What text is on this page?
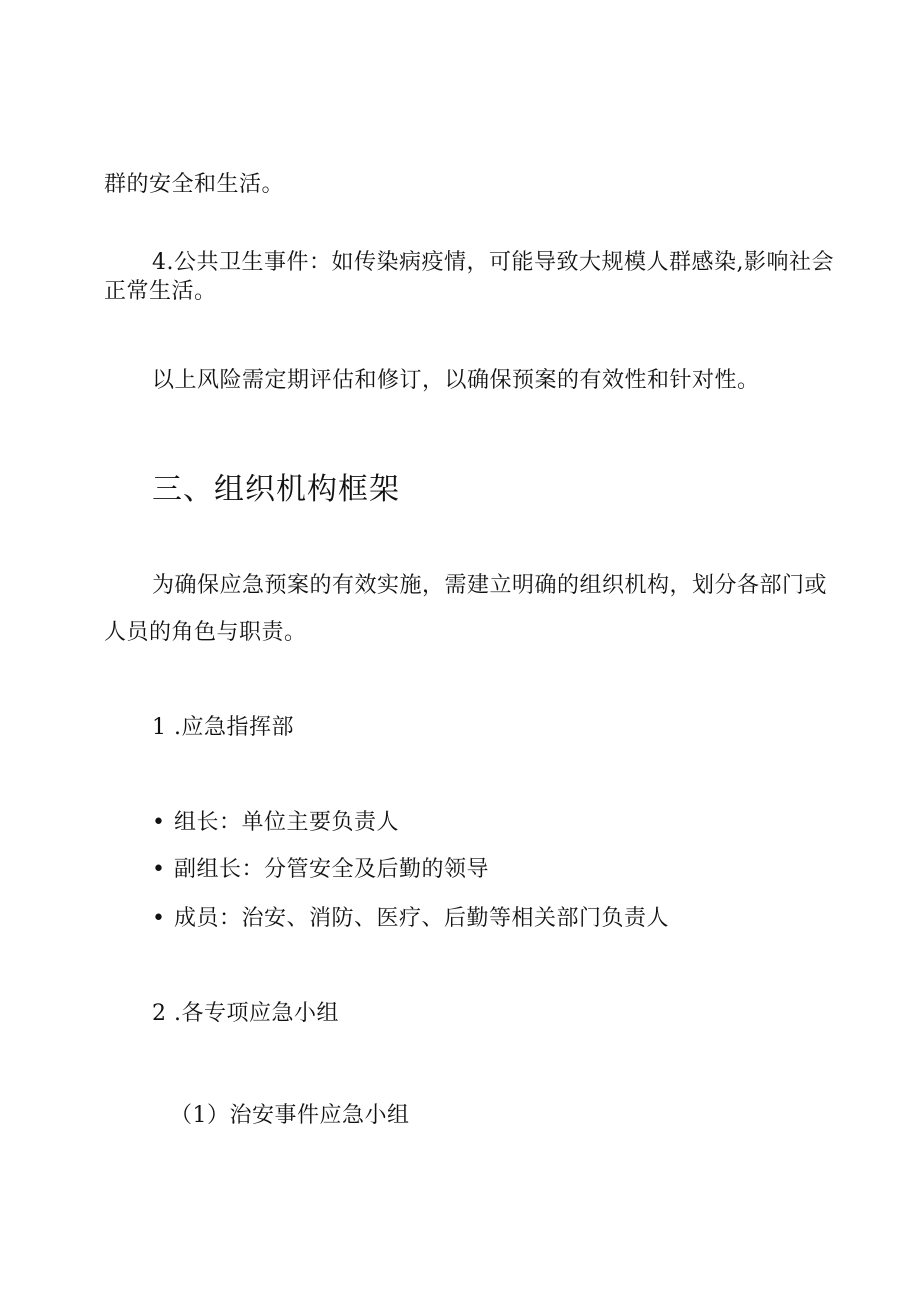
群的安全和生活。
4.公共卫生事件：如传染病疫情，可能导致大规模人群感染,影响社会
正常生活。
以上风险需定期评估和修订，以确保预案的有效性和针对性。
三、组织机构框架
为确保应急预案的有效实施，需建立明确的组织机构，划分各部门或
人员的角色与职责。
1 .应急指挥部
• 组长：单位主要负责人
• 副组长：分管安全及后勤的领导
• 成员：治安、消防、医疗、后勤等相关部门负责人
2 .各专项应急小组
（1）治安事件应急小组
